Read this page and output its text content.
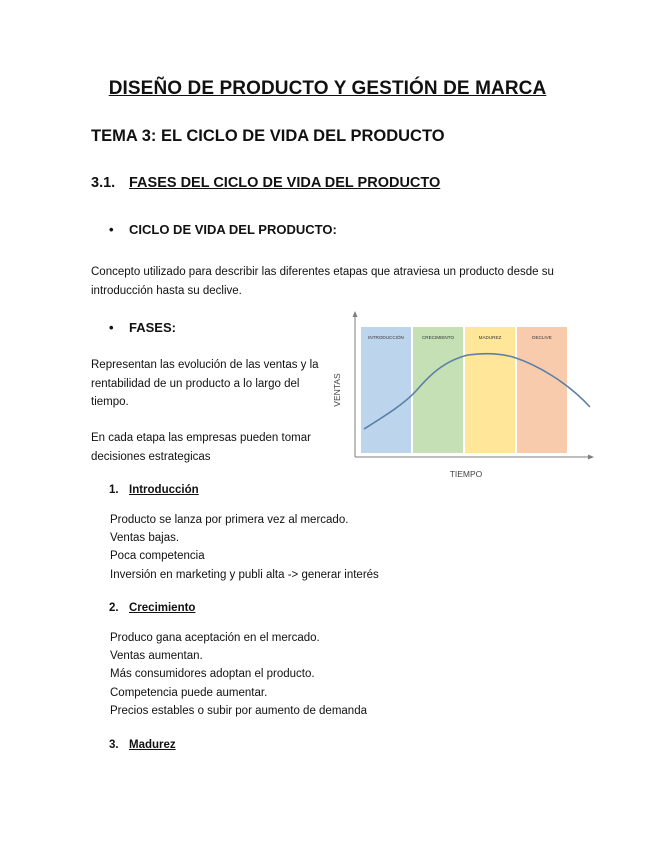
DISEÑO DE PRODUCTO Y GESTIÓN DE MARCA
TEMA 3: EL CICLO DE VIDA DEL PRODUCTO
3.1. FASES DEL CICLO DE VIDA DEL PRODUCTO
• CICLO DE VIDA DEL PRODUCTO:
Concepto utilizado para describir las diferentes etapas que atraviesa un producto desde su
introducción hasta su declive.
• FASES:
Representan las evolución de las ventas y la
rentabilidad de un producto a lo largo del
tiempo.
En cada etapa las empresas pueden tomar
decisiones estrategicas
INTRODUCCIÓN	CRECIMIENTO	MADUREZ	DECLIVE
VENTAS
TIEMPO
1. Introducción
Producto se lanza por primera vez al mercado.
Ventas bajas.
Poca competencia
Inversión en marketing y publi alta -> generar interés
2. Crecimiento
Produco gana aceptación en el mercado.
Ventas aumentan.
Más consumidores adoptan el producto.
Competencia puede aumentar.
Precios estables o subir por aumento de demanda
3. Madurez
